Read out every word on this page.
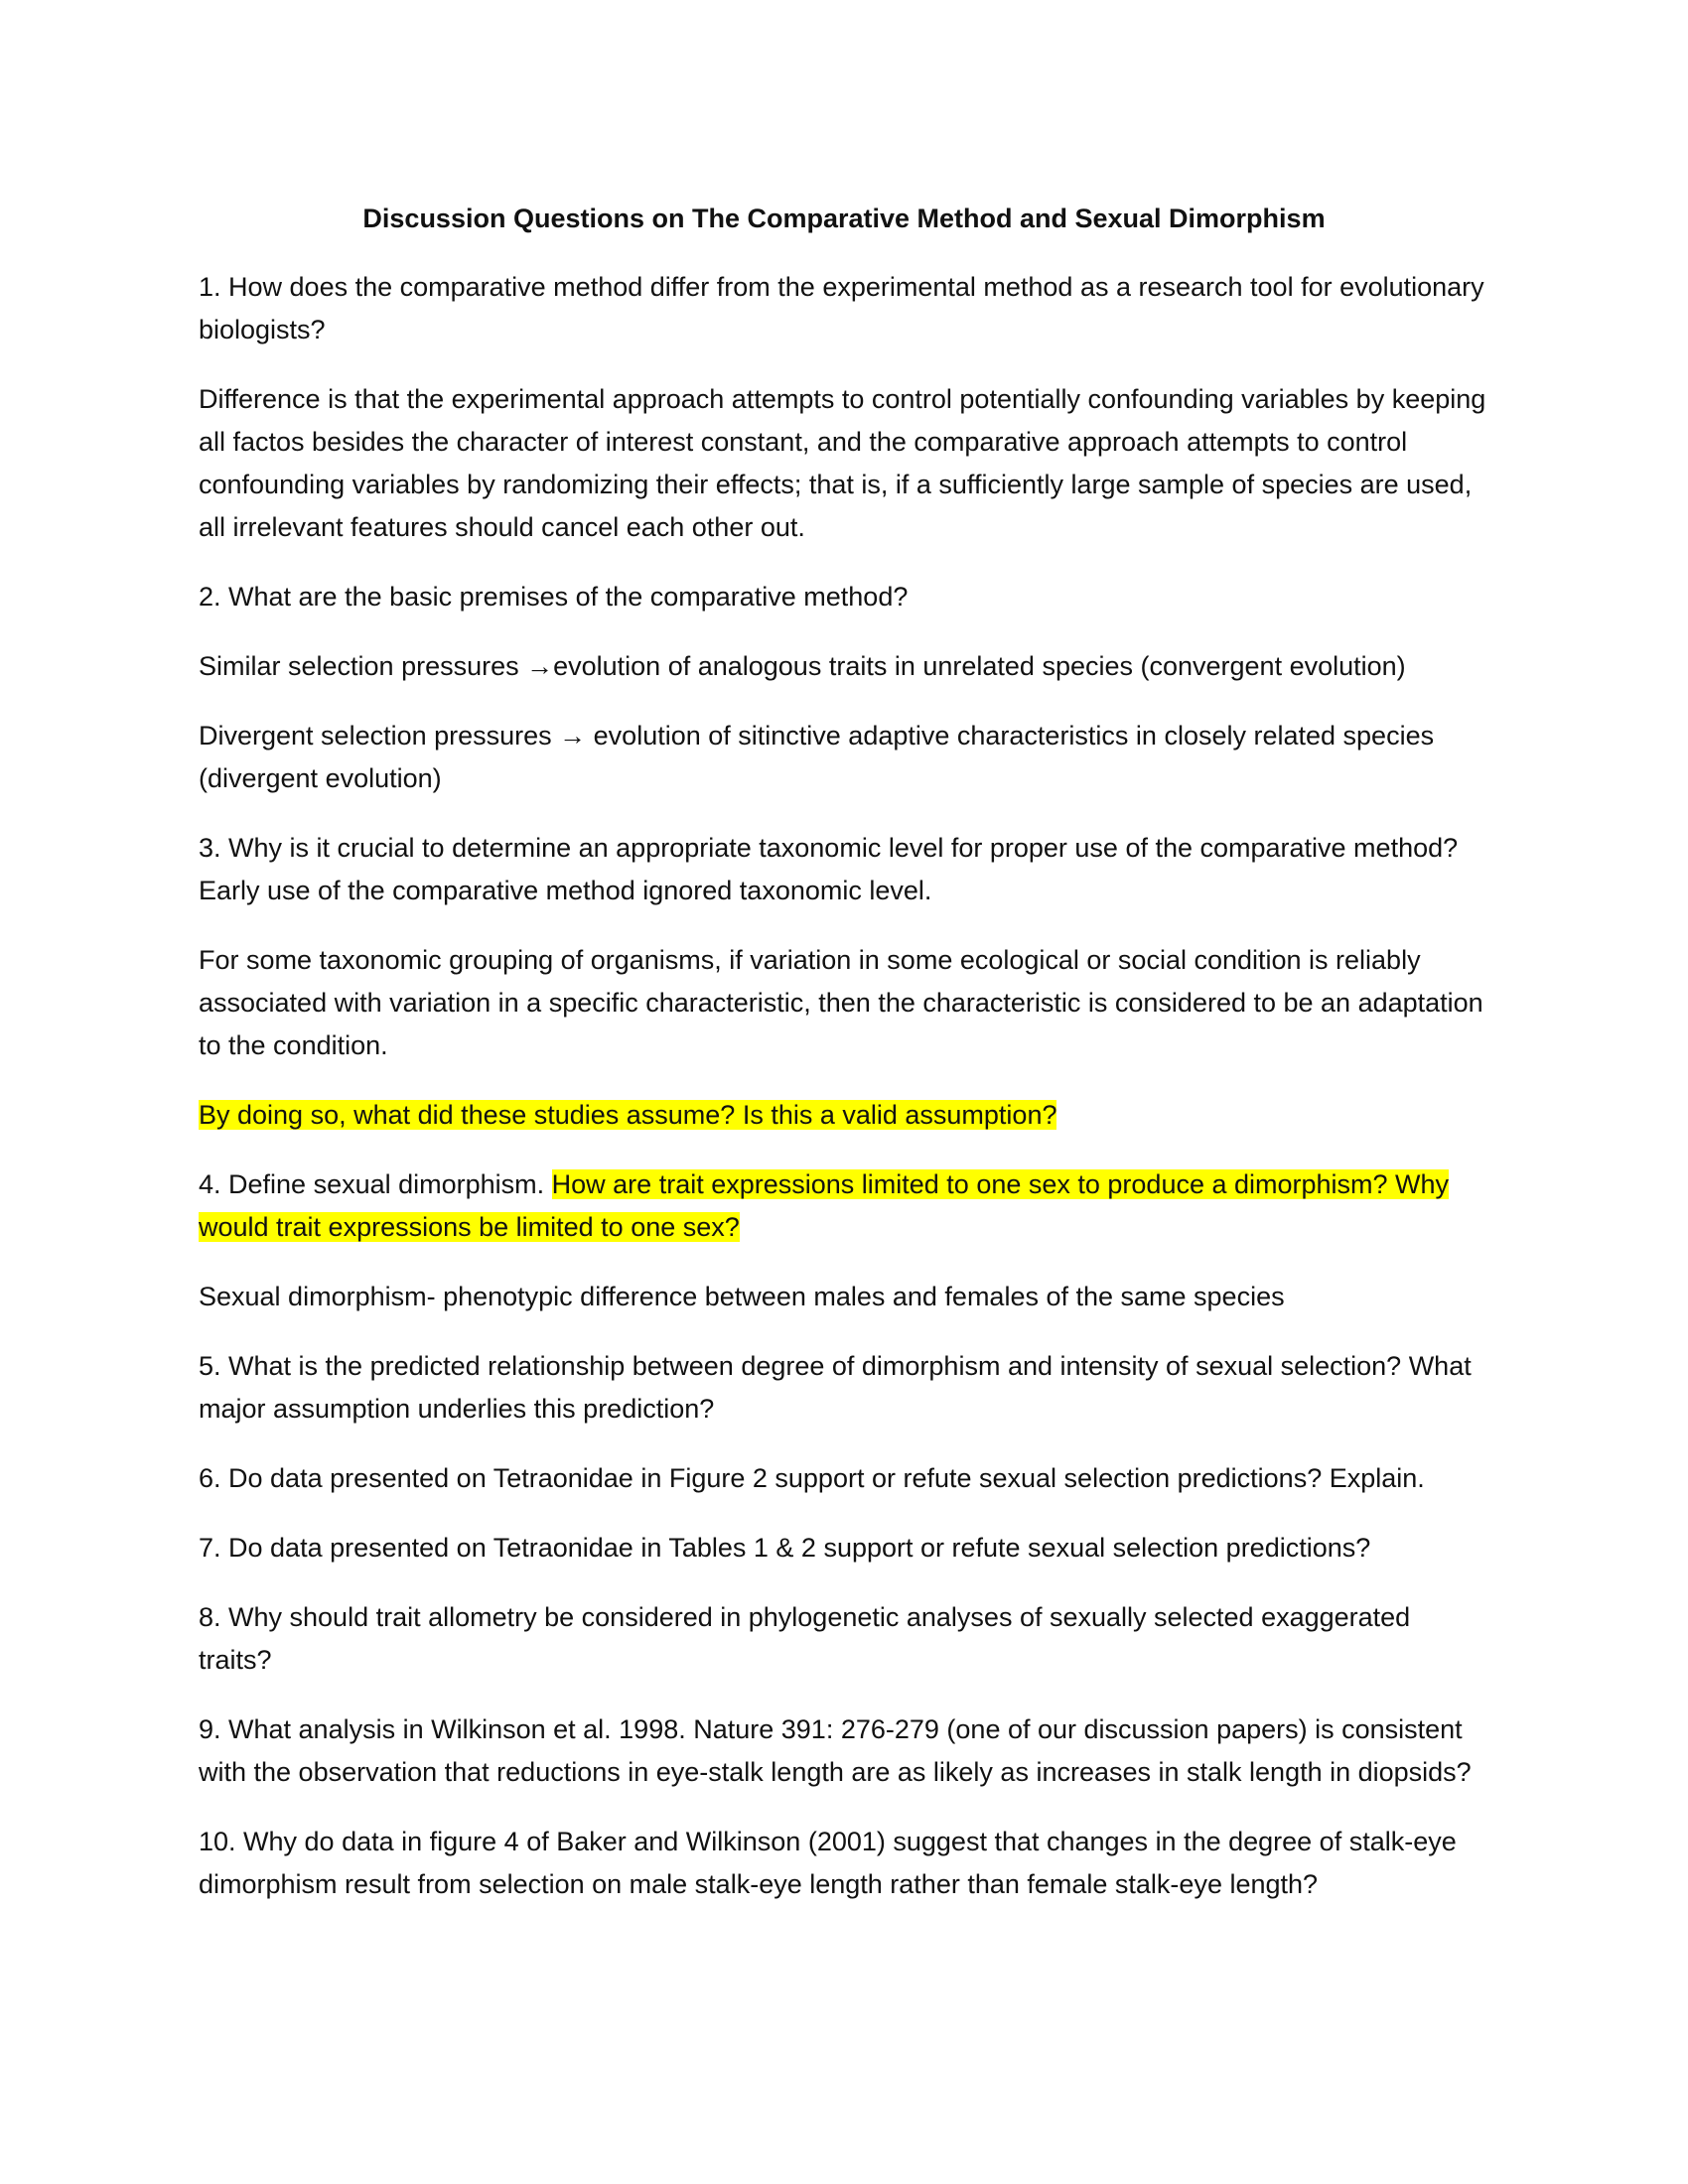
Discussion Questions on The Comparative Method and Sexual Dimorphism

1. How does the comparative method differ from the experimental method as a research tool for evolutionary biologists?

Difference is that the experimental approach attempts to control potentially confounding variables by keeping all factos besides the character of interest constant, and the comparative approach attempts to control confounding variables by randomizing their effects; that is, if a sufficiently large sample of species are used, all irrelevant features should cancel each other out.

2. What are the basic premises of the comparative method?

Similar selection pressures →evolution of analogous traits in unrelated species (convergent evolution)

Divergent selection pressures → evolution of sitinctive adaptive characteristics in closely related species (divergent evolution)

3. Why is it crucial to determine an appropriate taxonomic level for proper use of the comparative method? Early use of the comparative method ignored taxonomic level.

For some taxonomic grouping of organisms, if variation in some ecological or social condition is reliably associated with variation in a specific characteristic, then the characteristic is considered to be an adaptation to the condition.

By doing so, what did these studies assume? Is this a valid assumption?

4. Define sexual dimorphism. How are trait expressions limited to one sex to produce a dimorphism? Why would trait expressions be limited to one sex?

Sexual dimorphism- phenotypic difference between males and females of the same species

5. What is the predicted relationship between degree of dimorphism and intensity of sexual selection? What major assumption underlies this prediction?

6. Do data presented on Tetraonidae in Figure 2 support or refute sexual selection predictions? Explain.

7. Do data presented on Tetraonidae in Tables 1 & 2 support or refute sexual selection predictions?

8. Why should trait allometry be considered in phylogenetic analyses of sexually selected exaggerated traits?

9. What analysis in Wilkinson et al. 1998. Nature 391: 276-279 (one of our discussion papers) is consistent with the observation that reductions in eye-stalk length are as likely as increases in stalk length in diopsids?

10. Why do data in figure 4 of Baker and Wilkinson (2001) suggest that changes in the degree of stalk-eye dimorphism result from selection on male stalk-eye length rather than female stalk-eye length?
